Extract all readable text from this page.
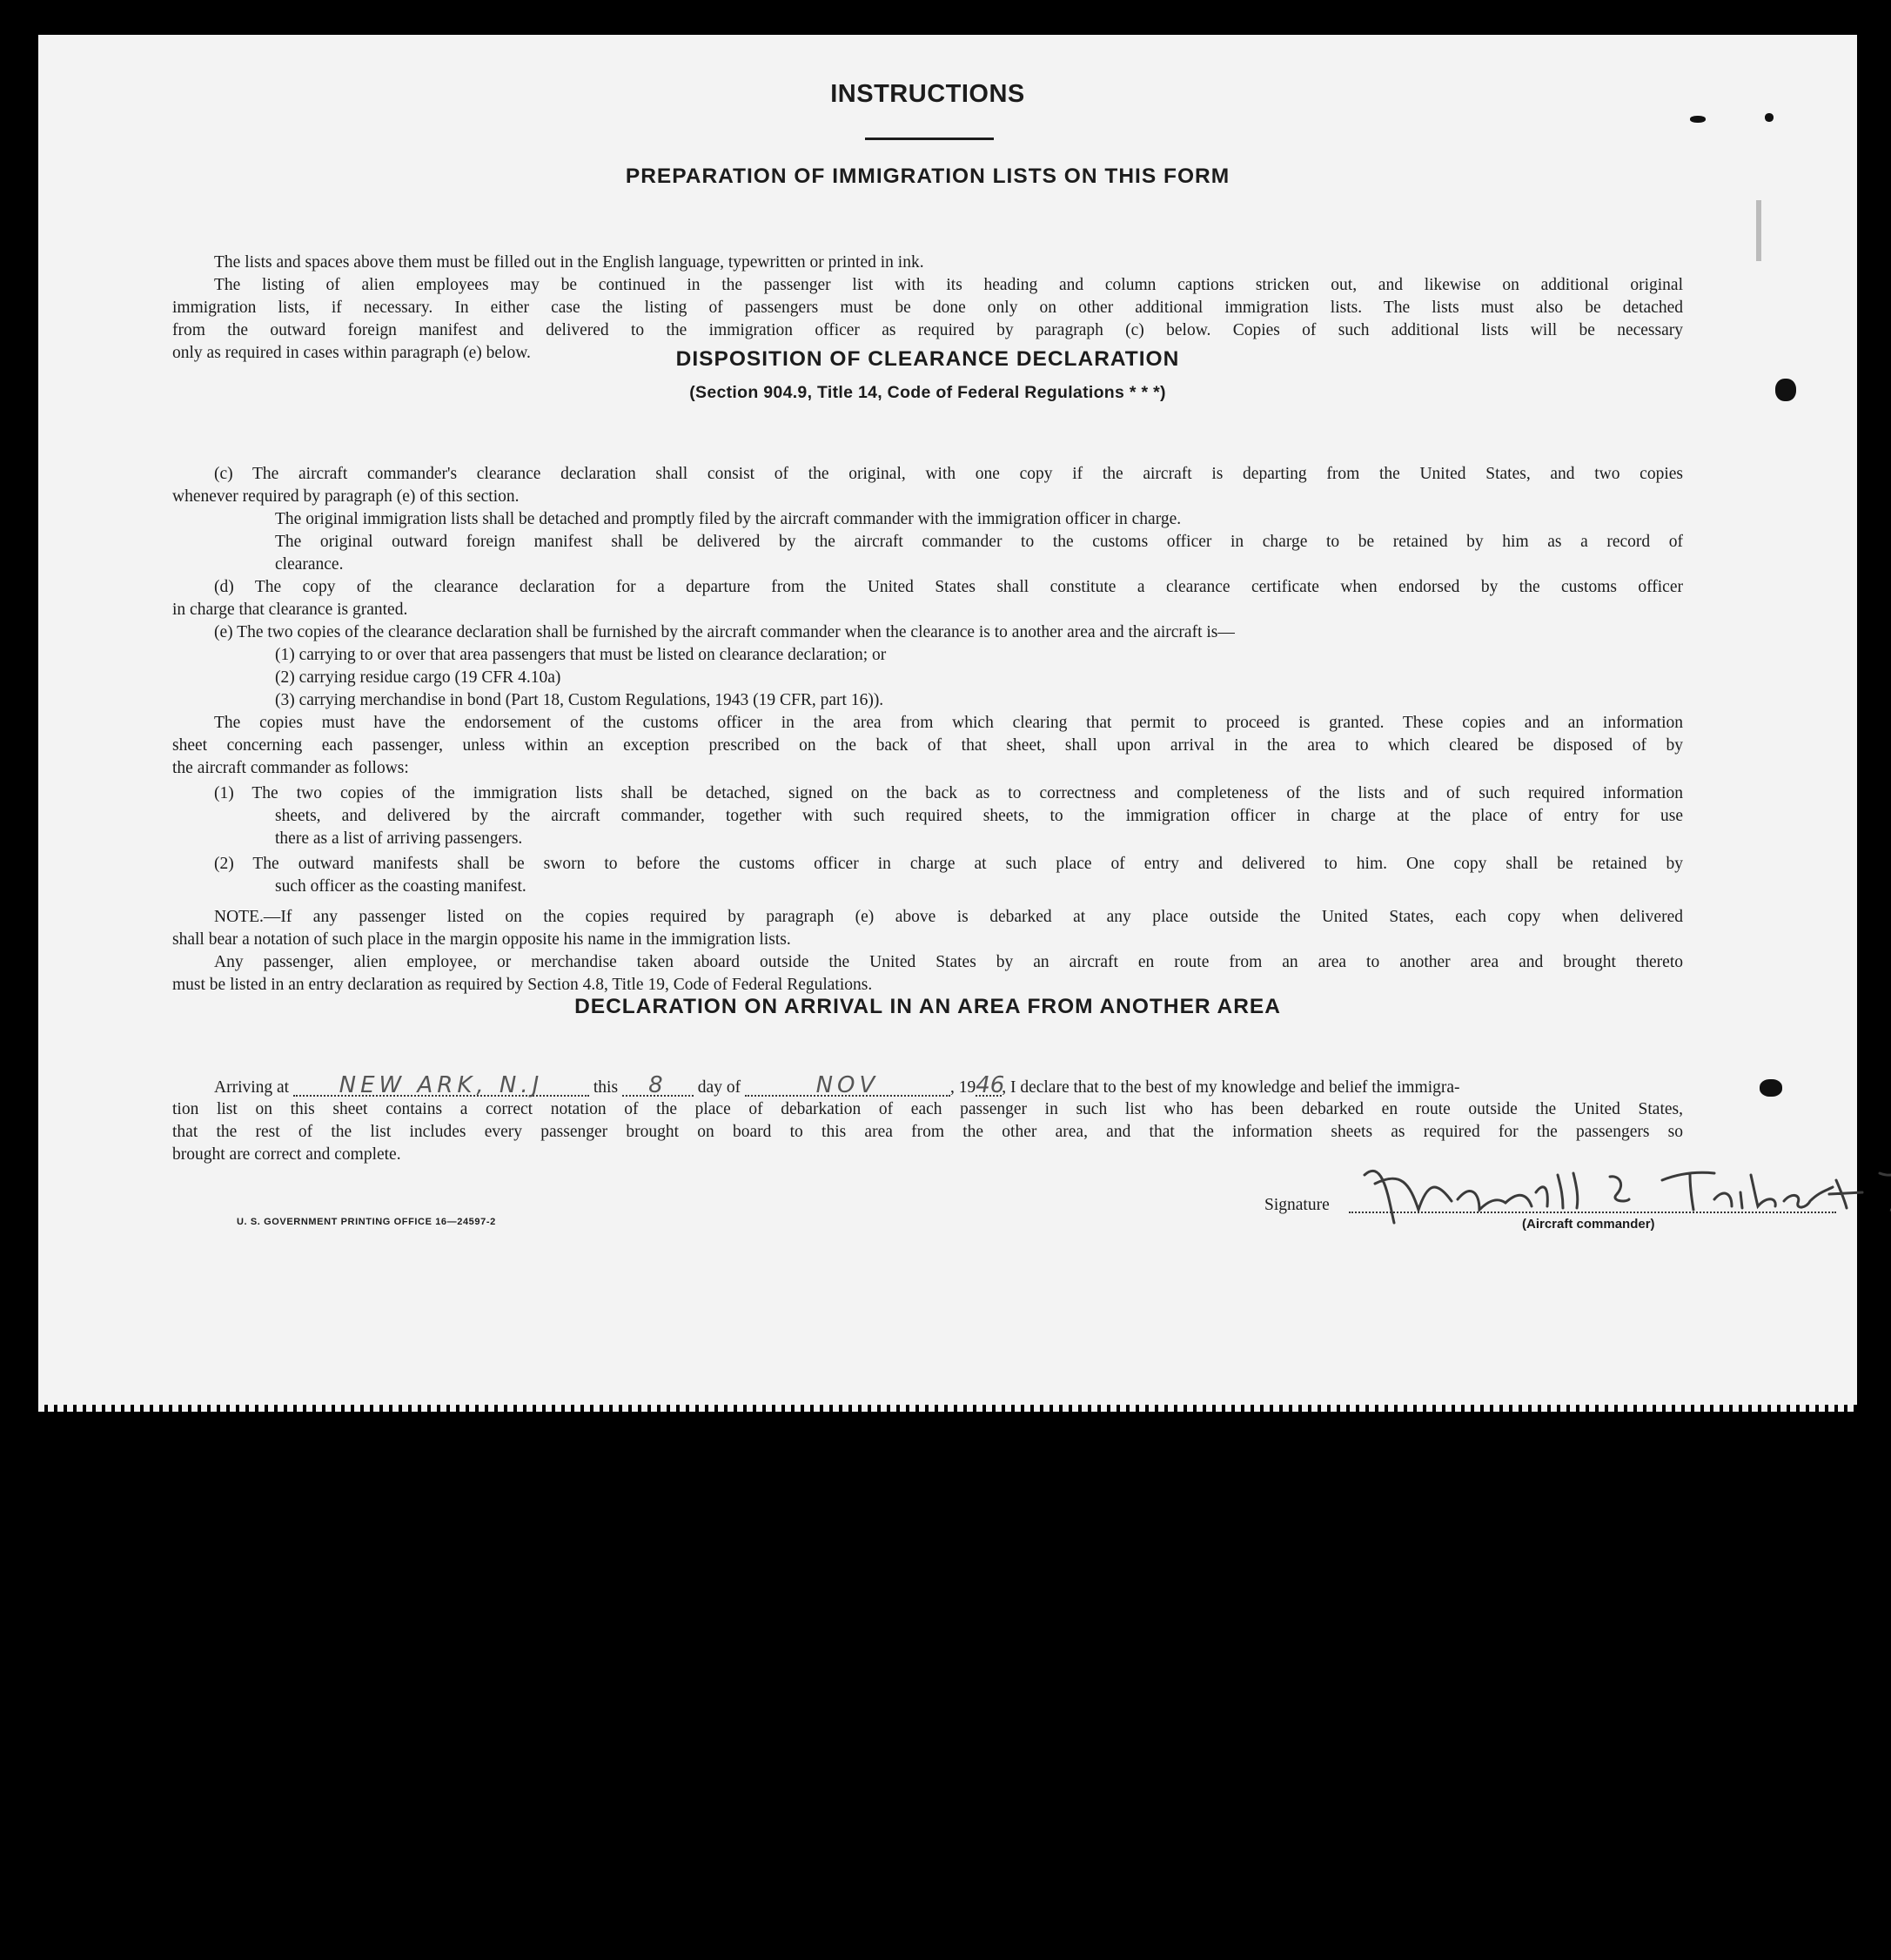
INSTRUCTIONS
PREPARATION OF IMMIGRATION LISTS ON THIS FORM
The lists and spaces above them must be filled out in the English language, typewritten or printed in ink.
The listing of alien employees may be continued in the passenger list with its heading and column captions stricken out, and likewise on additional original
immigration lists, if necessary. In either case the listing of passengers must be done only on other additional immigration lists. The lists must also be detached
from the outward foreign manifest and delivered to the immigration officer as required by paragraph (c) below. Copies of such additional lists will be necessary
only as required in cases within paragraph (e) below.	DISPOSITION OF CLEARANCE DECLARATION
(Section 904.9, Title 14, Code of Federal Regulations * * *)
(c) The aircraft commander's clearance declaration shall consist of the original, with one copy if the aircraft is departing from the United States, and two copies
whenever required by paragraph (e) of this section.
The original immigration lists shall be detached and promptly filed by the aircraft commander with the immigration officer in charge.
The original outward foreign manifest shall be delivered by the aircraft commander to the customs officer in charge to be retained by him as a record of
clearance.
(d) The copy of the clearance declaration for a departure from the United States shall constitute a clearance certificate when endorsed by the customs officer
in charge that clearance is granted.
(e) The two copies of the clearance declaration shall be furnished by the aircraft commander when the clearance is to another area and the aircraft is—
(1) carrying to or over that area passengers that must be listed on clearance declaration; or
(2) carrying residue cargo (19 CFR 4.10a)
(3) carrying merchandise in bond (Part 18, Custom Regulations, 1943 (19 CFR, part 16)).
The copies must have the endorsement of the customs officer in the area from which clearing that permit to proceed is granted. These copies and an information
sheet concerning each passenger, unless within an exception prescribed on the back of that sheet, shall upon arrival in the area to which cleared be disposed of by
the aircraft commander as follows:
(1) The two copies of the immigration lists shall be detached, signed on the back as to correctness and completeness of the lists and of such required information
sheets, and delivered by the aircraft commander, together with such required sheets, to the immigration officer in charge at the place of entry for use
there as a list of arriving passengers.
(2) The outward manifests shall be sworn to before the customs officer in charge at such place of entry and delivered to him. One copy shall be retained by
such officer as the coasting manifest.
NOTE.—If any passenger listed on the copies required by paragraph (e) above is debarked at any place outside the United States, each copy when delivered
shall bear a notation of such place in the margin opposite his name in the immigration lists.
Any passenger, alien employee, or merchandise taken aboard outside the United States by an aircraft en route from an area to another area and brought thereto
must be listed in an entry declaration as required by Section 4.8, Title 19, Code of Federal Regulations.
DECLARATION ON ARRIVAL IN AN AREA FROM ANOTHER AREA
Arriving at NEW ARK, N.J	this 8 day of	NOV	, 1946, I declare that to the best of my knowledge and belief the immigra-
tion list on this sheet contains a correct notation of the place of debarkation of each passenger in such list who has been debarked en route outside the United States,
that the rest of the list includes every passenger brought on board to this area from the other area, and that the information sheets as required for the passengers so
brought are correct and complete.
U. S. GOVERNMENT PRINTING OFFICE 16—24597-2
Signature
(Aircraft commander)
